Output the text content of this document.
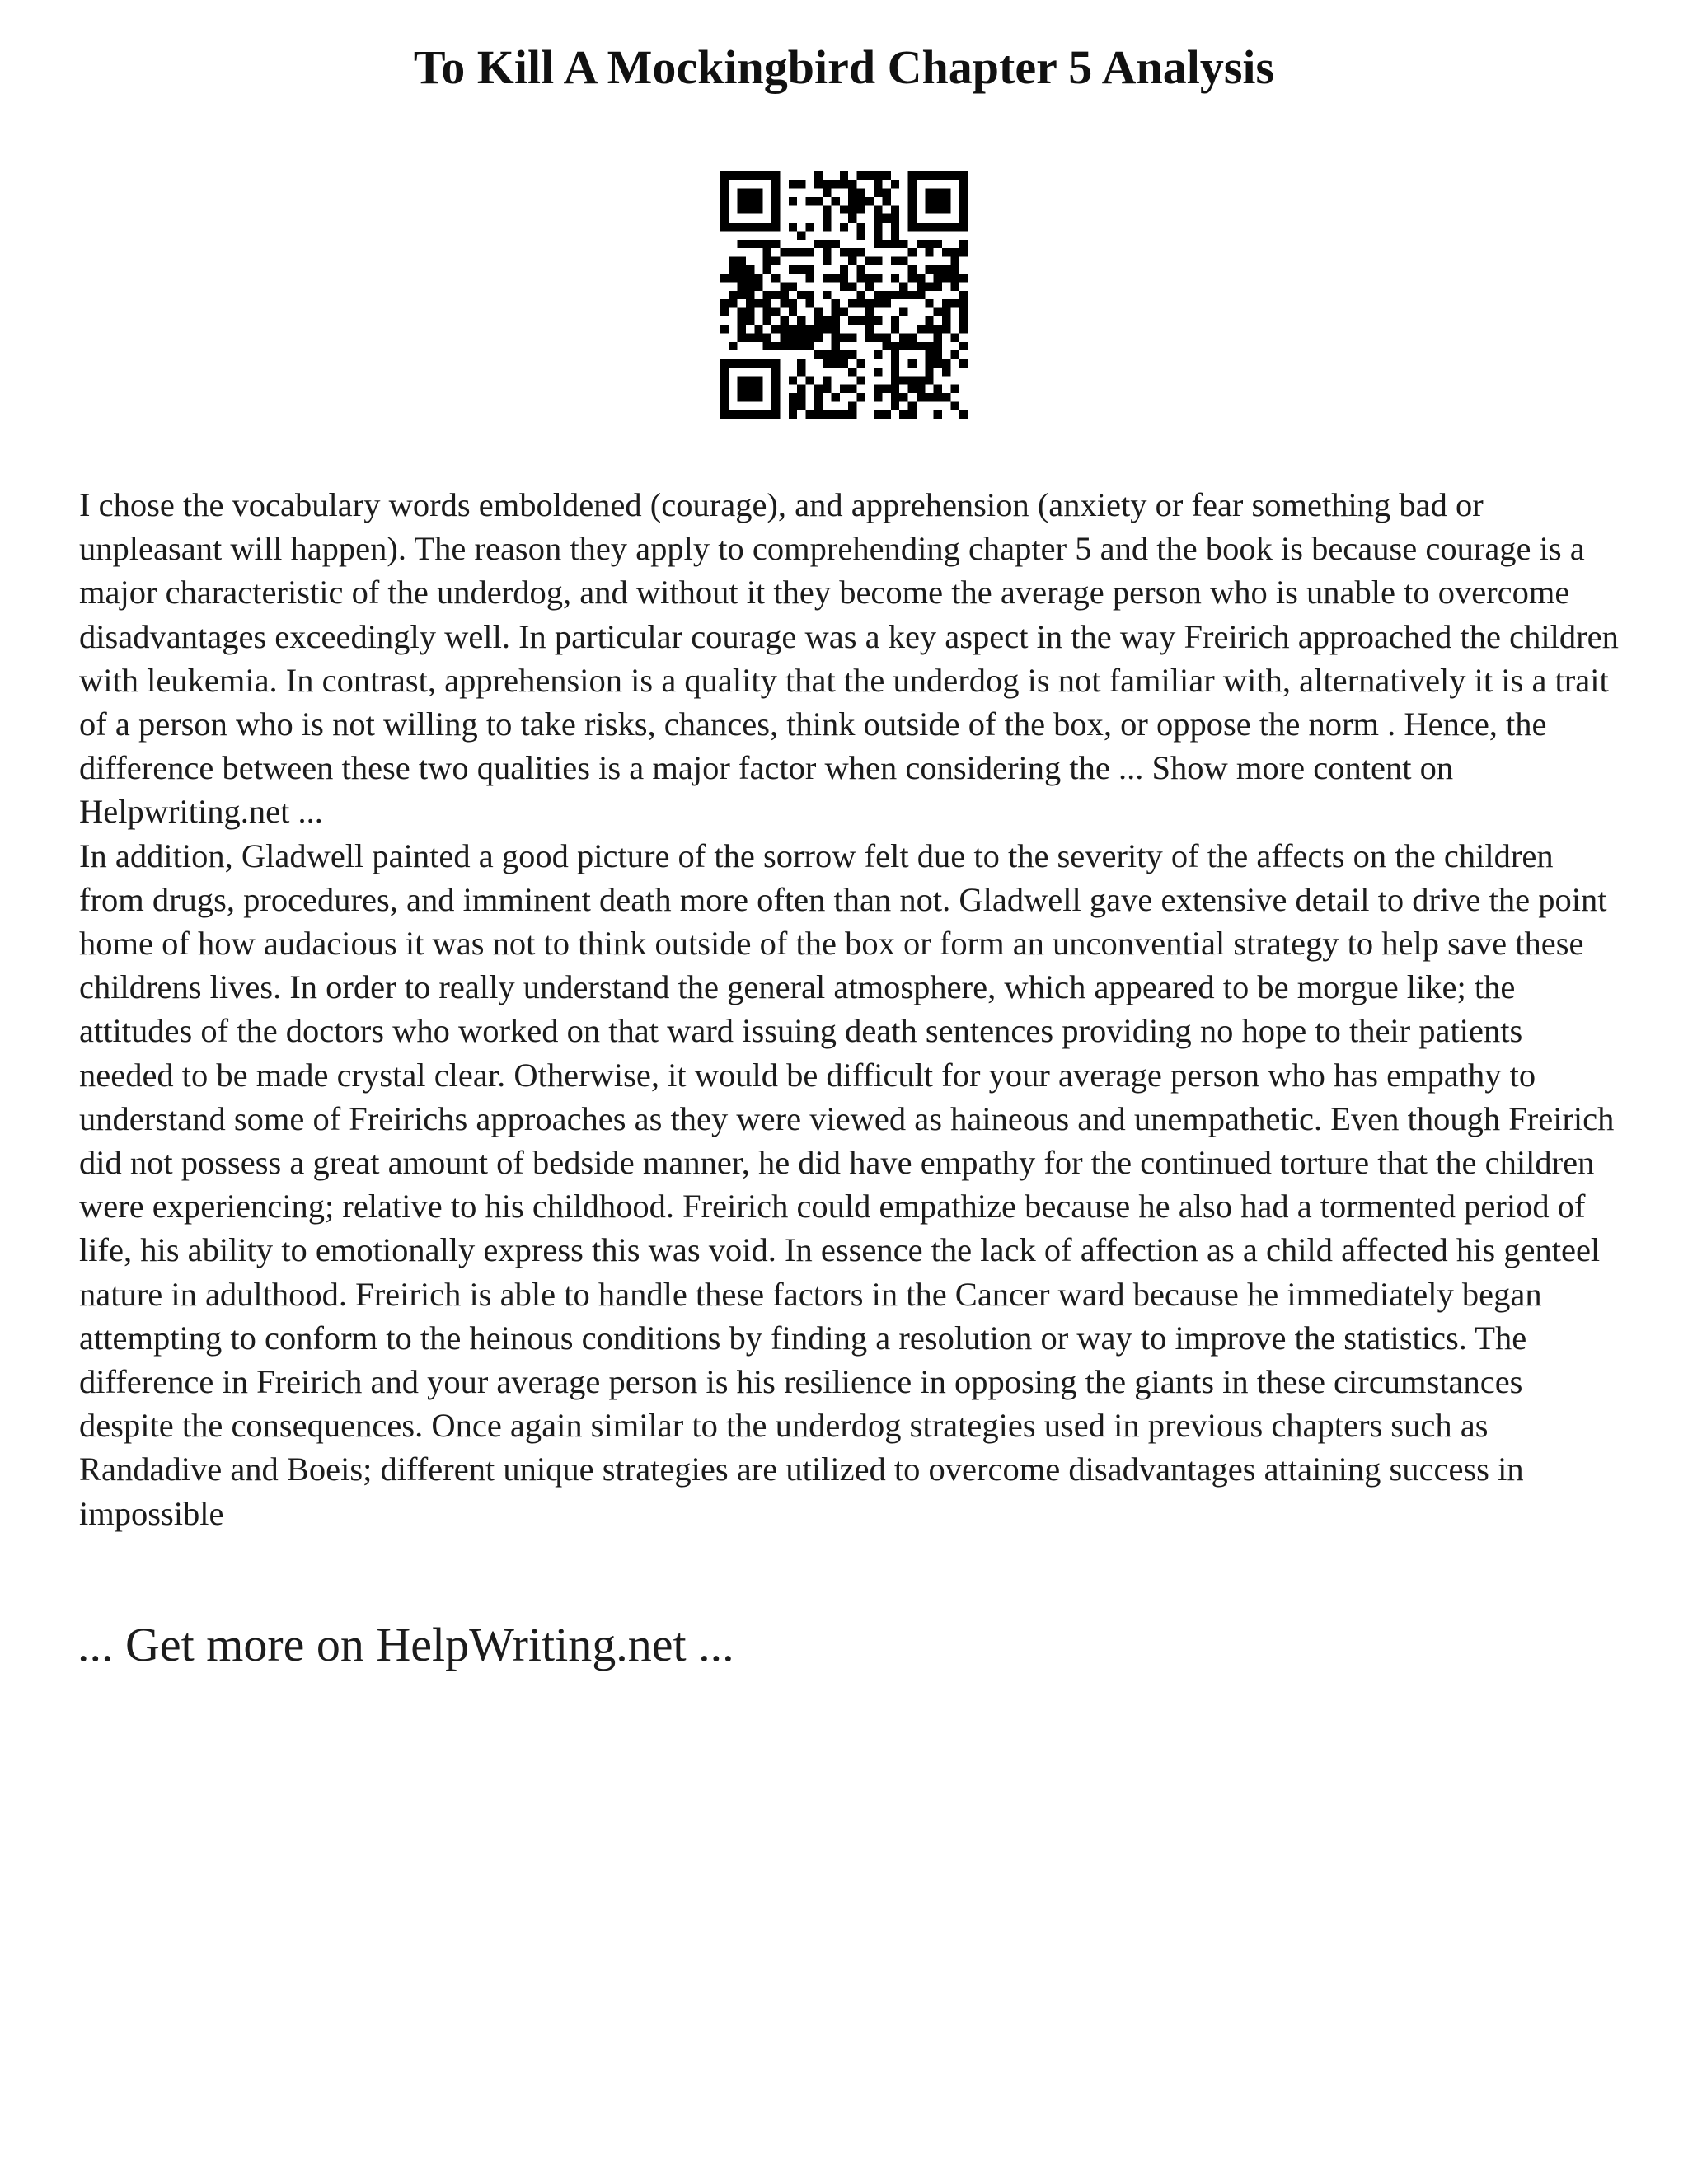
To Kill A Mockingbird Chapter 5 Analysis

I chose the vocabulary words emboldened (courage), and apprehension (anxiety or fear something bad or unpleasant will happen). The reason they apply to comprehending chapter 5 and the book is because courage is a major characteristic of the underdog, and without it they become the average person who is unable to overcome disadvantages exceedingly well. In particular courage was a key aspect in the way Freirich approached the children with leukemia. In contrast, apprehension is a quality that the underdog is not familiar with, alternatively it is a trait of a person who is not willing to take risks, chances, think outside of the box, or oppose the norm . Hence, the difference between these two qualities is a major factor when considering the ... Show more content on Helpwriting.net ...

In addition, Gladwell painted a good picture of the sorrow felt due to the severity of the affects on the children from drugs, procedures, and imminent death more often than not. Gladwell gave extensive detail to drive the point home of how audacious it was not to think outside of the box or form an unconvential strategy to help save these childrens lives. In order to really understand the general atmosphere, which appeared to be morgue like; the attitudes of the doctors who worked on that ward issuing death sentences providing no hope to their patients needed to be made crystal clear. Otherwise, it would be difficult for your average person who has empathy to understand some of Freirichs approaches as they were viewed as haineous and unempathetic. Even though Freirich did not possess a great amount of bedside manner, he did have empathy for the continued torture that the children were experiencing; relative to his childhood. Freirich could empathize because he also had a tormented period of life, his ability to emotionally express this was void. In essence the lack of affection as a child affected his genteel nature in adulthood. Freirich is able to handle these factors in the Cancer ward because he immediately began attempting to conform to the heinous conditions by finding a resolution or way to improve the statistics. The difference in Freirich and your average person is his resilience in opposing the giants in these circumstances despite the consequences. Once again similar to the underdog strategies used in previous chapters such as Randadive and Boeis; different unique strategies are utilized to overcome disadvantages attaining success in impossible

... Get more on HelpWriting.net ...
